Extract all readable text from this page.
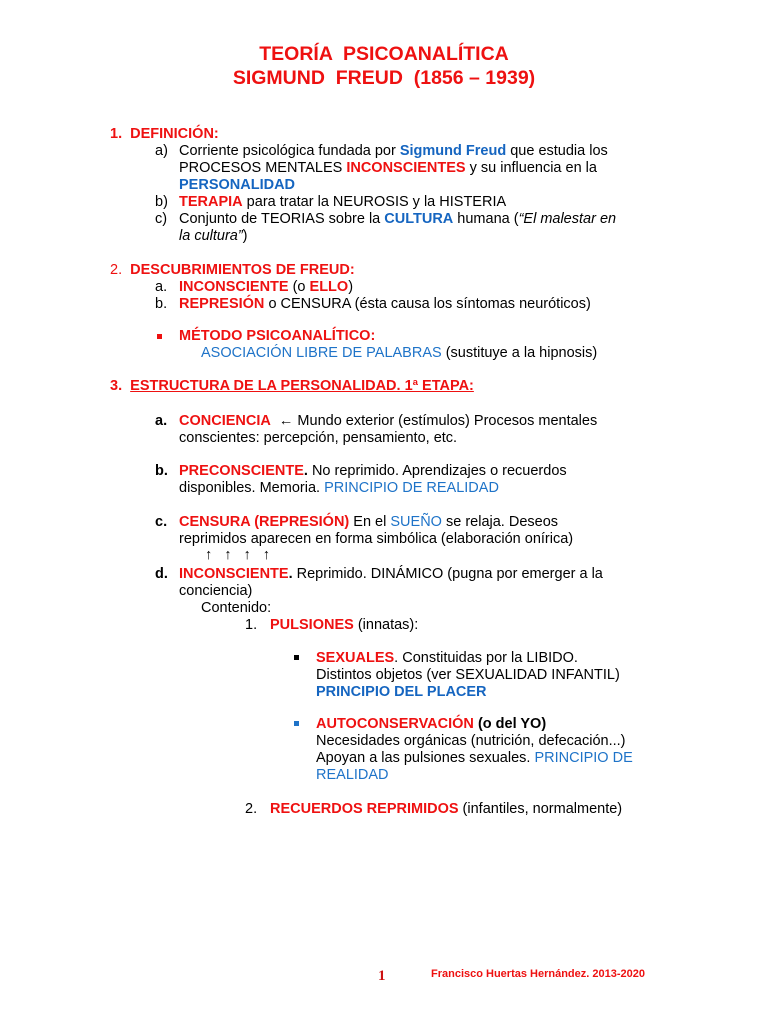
TEORÍA  PSICOANALÍTICA
SIGMUND  FREUD  (1856 – 1939)
1. DEFINICIÓN:
a) Corriente psicológica fundada por Sigmund Freud que estudia los
PROCESOS MENTALES INCONSCIENTES y su influencia en la
PERSONALIDAD
b) TERAPIA para tratar la NEUROSIS y la HISTERIA
c) Conjunto de TEORIAS sobre la CULTURA humana (“El malestar en
la cultura”)
2. DESCUBRIMIENTOS DE FREUD:
a. INCONSCIENTE (o ELLO)
b. REPRESIÓN o CENSURA (ésta causa los síntomas neuróticos)
MÉTODO PSICOANALÍTICO:
ASOCIACIÓN LIBRE DE PALABRAS (sustituye a la hipnosis)
3. ESTRUCTURA DE LA PERSONALIDAD. 1ª ETAPA:
a. CONCIENCIA ← Mundo exterior (estímulos) Procesos mentales
conscientes: percepción, pensamiento, etc.
b. PRECONSCIENTE. No reprimido. Aprendizajes o recuerdos
disponibles. Memoria. PRINCIPIO DE REALIDAD
c. CENSURA (REPRESIÓN) En el SUEÑO se relaja. Deseos
reprimidos aparecen en forma simbólica (elaboración onírica)
↑↑↑↑
d. INCONSCIENTE. Reprimido. DINÁMICO (pugna por emerger a la
conciencia)
Contenido:
1. PULSIONES (innatas):
SEXUALES. Constituidas por la LIBIDO.
Distintos objetos (ver SEXUALIDAD INFANTIL)
PRINCIPIO DEL PLACER
AUTOCONSERVACIÓN (o del YO)
Necesidades orgánicas (nutrición, defecación...)
Apoyan a las pulsiones sexuales. PRINCIPIO DE
REALIDAD
2. RECUERDOS REPRIMIDOS (infantiles, normalmente)
1	Francisco Huertas Hernández. 2013-2020
